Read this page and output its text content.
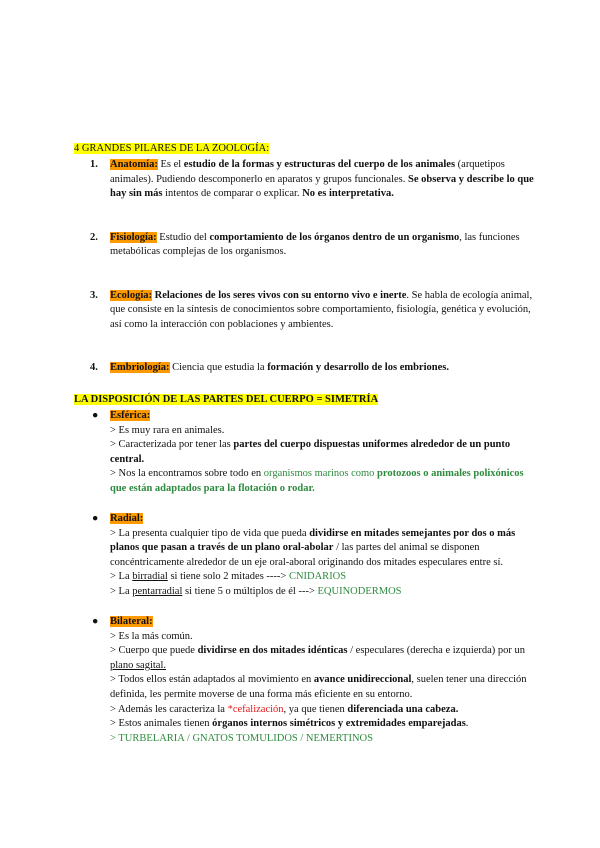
4 GRANDES PILARES DE LA ZOOLOGÍA:
1. Anatomía: Es el estudio de la formas y estructuras del cuerpo de los animales (arquetipos animales). Pudiendo descomponerlo en aparatos y grupos funcionales. Se observa y describe lo que hay sin más intentos de comparar o explicar. No es interpretativa.
2. Fisiología: Estudio del comportamiento de los órganos dentro de un organismo, las funciones metabólicas complejas de los organismos.
3. Ecología: Relaciones de los seres vivos con su entorno vivo e inerte. Se habla de ecología animal, que consiste en la síntesis de conocimientos sobre comportamiento, fisiología, genética y evolución, así como la interacción con poblaciones y ambientes.
4. Embriología: Ciencia que estudia la formación y desarrollo de los embriones.
LA DISPOSICIÓN DE LAS PARTES DEL CUERPO = SIMETRÍA
● Esférica:
> Es muy rara en animales.
> Caracterizada por tener las partes del cuerpo dispuestas uniformes alrededor de un punto central.
> Nos la encontramos sobre todo en organismos marinos como protozoos o animales polixónicos que están adaptados para la flotación o rodar.
● Radial:
> La presenta cualquier tipo de vida que pueda dividirse en mitades semejantes por dos o más planos que pasan a través de un plano oral-abolar / las partes del animal se disponen concéntricamente alrededor de un eje oral-aboral originando dos mitades especulares entre sí.
> La birradial si tiene solo 2 mitades ----> CNIDARIOS
> La pentarradial si tiene 5 o múltiplos de él ---> EQUINODERMOS
● Bilateral:
> Es la más común.
> Cuerpo que puede dividirse en dos mitades idénticas / especulares (derecha e izquierda) por un plano sagital.
> Todos ellos están adaptados al movimiento en avance unidireccional, suelen tener una dirección definida, les permite moverse de una forma más eficiente en su entorno.
> Además les caracteriza la *cefalización, ya que tienen diferenciada una cabeza.
> Estos animales tienen órganos internos simétricos y extremidades emparejadas.
> TURBELARIA / GNATOS TOMULIDOS / NEMERTINOS
